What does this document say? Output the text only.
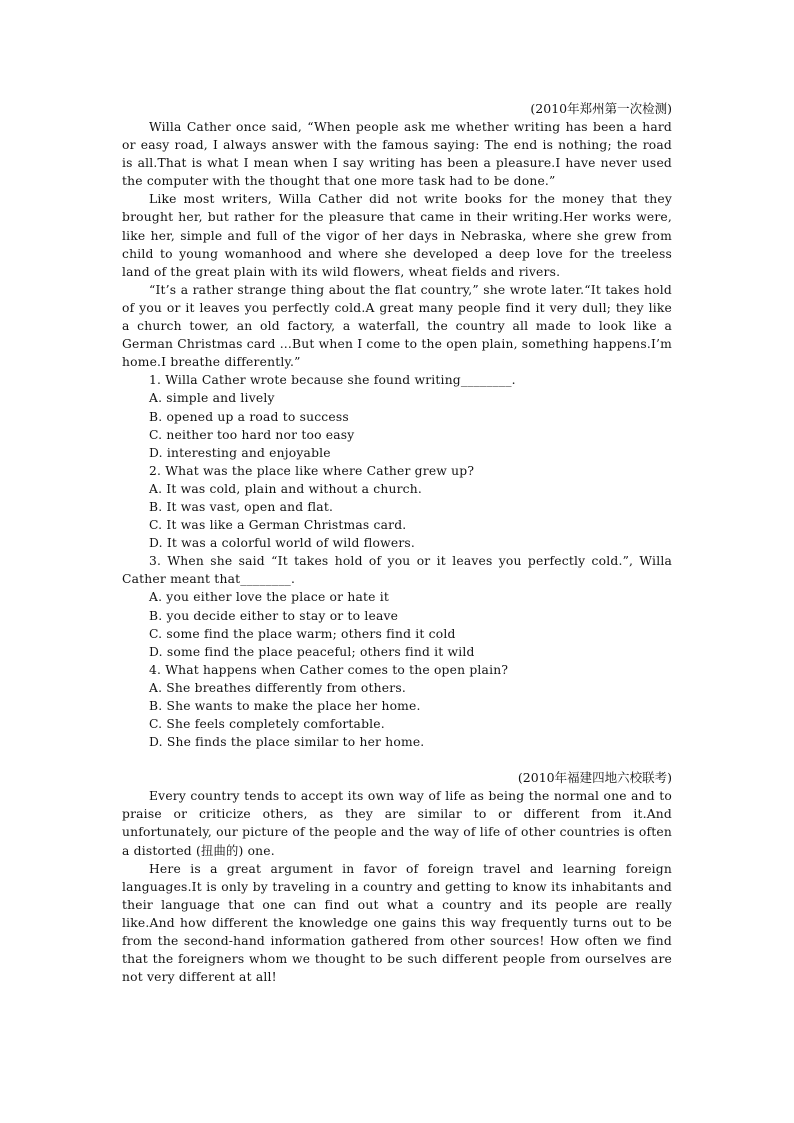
(2010年郑州第一次检测)

Willa Cather once said, “When people ask me whether writing has been a hard or easy road, I always answer with the famous saying: The end is nothing; the road is all.That is what I mean when I say writing has been a pleasure.I have never used the computer with the thought that one more task had to be done.”

Like most writers, Willa Cather did not write books for the money that they brought her, but rather for the pleasure that came in their writing.Her works were, like her, simple and full of the vigor of her days in Nebraska, where she grew from child to young womanhood and where she developed a deep love for the treeless land of the great plain with its wild flowers, wheat fields and rivers.

“It’s a rather strange thing about the flat country,” she wrote later.“It takes hold of you or it leaves you perfectly cold.A great many people find it very dull; they like a church tower, an old factory, a waterfall, the country all made to look like a German Christmas card ...But when I come to the open plain, something happens.I’m home.I breathe differently.”

1. Willa Cather wrote because she found writing________.

A. simple and lively

B. opened up a road to success

C. neither too hard nor too easy

D. interesting and enjoyable

2. What was the place like where Cather grew up?

A. It was cold, plain and without a church.

B. It was vast, open and flat.

C. It was like a German Christmas card.

D. It was a colorful world of wild flowers.

3. When she said “It takes hold of you or it leaves you perfectly cold.”, Willa Cather meant that________.

A. you either love the place or hate it

B. you decide either to stay or to leave

C. some find the place warm; others find it cold

D. some find the place peaceful; others find it wild

4. What happens when Cather comes to the open plain?

A. She breathes differently from others.

B. She wants to make the place her home.

C. She feels completely comfortable.

D. She finds the place similar to her home.

(2010年福建四地六校联考)

Every country tends to accept its own way of life as being the normal one and to praise or criticize others, as they are similar to or different from it.And unfortunately, our picture of the people and the way of life of other countries is often a distorted (扭曲的) one.

Here is a great argument in favor of foreign travel and learning foreign languages.It is only by traveling in a country and getting to know its inhabitants and their language that one can find out what a country and its people are really like.And how different the knowledge one gains this way frequently turns out to be from the second-hand information gathered from other sources! How often we find that the foreigners whom we thought to be such different people from ourselves are not very different at all!
